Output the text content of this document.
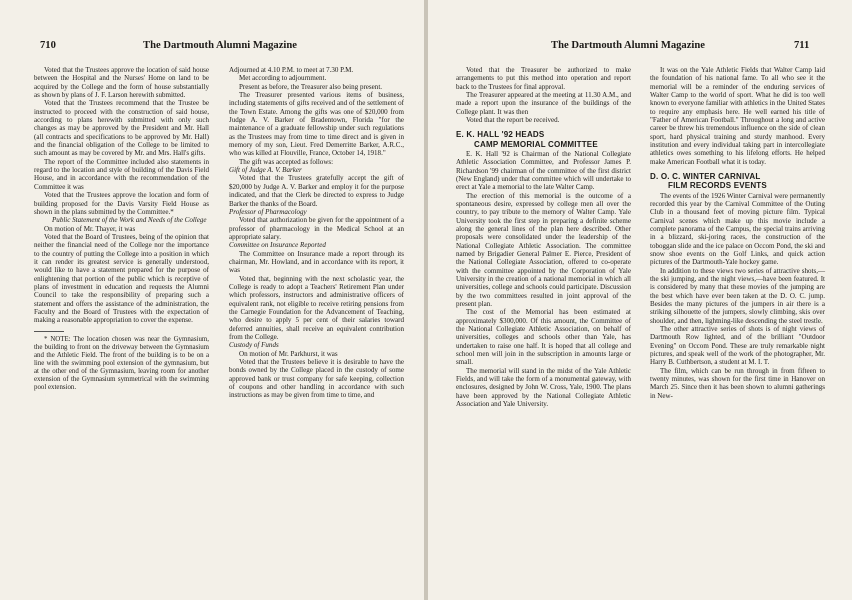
710	The Dartmouth Alumni Magazine

Voted that the Trustees approve the location of said house between the Hospital and the Nurses' Home on land to be acquired by the College and the form of house substantially as shown by plans of J. F. Larson herewith submitted.

Voted that the Trustees recommend that the Trustee be instructed to proceed with the construction of said house, according to plans herewith submitted with only such changes as may be approved by the President and Mr. Hall (all contracts and specifications to be approved by Mr. Hall) and the financial obligation of the College to be limited to such amount as may be covered by Mr. and Mrs. Hall's gifts.

The report of the Committee included also statements in regard to the location and style of building of the Davis Field House, and in accordance with the recommendation of the Committee it was

Voted that the Trustees approve the location and form of building proposed for the Davis Varsity Field House as shown in the plans submitted by the Committee.*

Public Statement of the Work and Needs of the College

On motion of Mr. Thayer, it was

Voted that the Board of Trustees, being of the opinion that neither the financial need of the College nor the importance to the country of putting the College into a position in which it can render its greatest service is generally understood, would like to have a statement prepared for the purpose of enlightening that portion of the public which is receptive of plans of investment in education and requests the Alumni Council to take the responsibility of preparing such a statement and offers the assistance of the administration, the Faculty and the Board of Trustees with the expectation of making a reasonable appropriation to cover the expense.

* NOTE: The location chosen was near the Gymnasium, the building to front on the driveway between the Gymnasium and the Athletic Field. The front of the building is to be on a line with the swimming pool extension of the gymnasium, but at the other end of the Gymnasium, leaving room for another extension of the Gymnasium symmetrical with the swimming pool extension.

Adjourned at 4.10 P.M. to meet at 7.30 P.M.

Met according to adjournment.

Present as before, the Treasurer also being present.

The Treasurer presented various items of business, including statements of gifts received and of the settlement of the Town Estate. Among the gifts was one of $20,000 from Judge A. V. Barker of Bradentown, Florida "for the maintenance of a graduate fellowship under such regulations as the Trustees may from time to time direct and is given in memory of my son, Lieut. Fred Demerritte Barker, A.R.C., who was killed at Flouville, France, October 14, 1918."

The gift was accepted as follows:

Gift of Judge A. V. Barker

Voted that the Trustees gratefully accept the gift of $20,000 by Judge A. V. Barker and employ it for the purpose indicated, and that the Clerk be directed to express to Judge Barker the thanks of the Board.

Professor of Pharmacology

Voted that authorization be given for the appointment of a professor of pharmacology in the Medical School at an appropriate salary.

Committee on Insurance Reported

The Committee on Insurance made a report through its chairman, Mr. Howland, and in accordance with its report, it was

Voted that, beginning with the next scholastic year, the College is ready to adopt a Teachers' Retirement Plan under which professors, instructors and administrative officers of equivalent rank, not eligible to receive retiring pensions from the Carnegie Foundation for the Advancement of Teaching, who desire to apply 5 per cent of their salaries toward deferred annuities, shall receive an equivalent contribution from the College.

Custody of Funds

On motion of Mr. Parkhurst, it was

Voted that the Trustees believe it is desirable to have the bonds owned by the College placed in the custody of some approved bank or trust company for safe keeping, collection of coupons and other handling in accordance with such instructions as may be given from time to time, and

The Dartmouth Alumni Magazine	711

Voted that the Treasurer be authorized to make arrangements to put this method into operation and report back to the Trustees for final approval.

The Treasurer appeared at the meeting at 11.30 A.M., and made a report upon the insurance of the buildings of the College plant. It was then

Voted that the report be received.

E. K. HALL '92 HEADS

CAMP MEMORIAL COMMITTEE

E. K. Hall '92 is Chairman of the National Collegiate Athletic Association Committee, and Professor James P. Richardson '99 chairman of the committee of the first district (New England) under that committee which will undertake to erect at Yale a memorial to the late Walter Camp.

The erection of this memorial is the outcome of a spontaneous desire, expressed by college men all over the country, to pay tribute to the memory of Walter Camp. Yale University took the first step in preparing a definite scheme along the general lines of the plan here described. Other proposals were consolidated under the leadership of the National Collegiate Athletic Association. The committee named by Brigadier General Palmer E. Pierce, President of the National Collegiate Association, offered to co-operate with the committee appointed by the Corporation of Yale University in the creation of a national memorial in which all universities, college and schools could participate. Discussion by the two committees resulted in joint approval of the present plan.

The cost of the Memorial has been estimated at approximately $300,000. Of this amount, the Committee of the National Collegiate Athletic Association, on behalf of universities, colleges and schools other than Yale, has undertaken to raise one half. It is hoped that all college and school men will join in the subscription in amounts large or small.

The memorial will stand in the midst of the Yale Athletic Fields, and will take the form of a monumental gateway, with enclosures, designed by John W. Cross, Yale, 1900. The plans have been approved by the National Collegiate Athletic Association and Yale University.

It was on the Yale Athletic Fields that Walter Camp laid the foundation of his national fame. To all who see it the memorial will be a reminder of the enduring services of Walter Camp to the world of sport. What he did is too well known to everyone familiar with athletics in the United States to require any emphasis here. He well earned his title of "Father of American Football." Throughout a long and active career be threw his tremendous influence on the side of clean sport, hard physical training and sturdy manhood. Every institution and every individual taking part in intercollegiate athletics owes something to his lifelong efforts. He helped make American Football what it is today.

D. O. C. WINTER CARNIVAL

FILM RECORDS EVENTS

The events of the 1926 Winter Carnival were permanently recorded this year by the Carnival Committee of the Outing Club in a thousand feet of moving picture film. Typical Carnival scenes which make up this movie include a complete panorama of the Campus, the special trains arriving in a blizzard, ski-joring races, the construction of the toboggan slide and the ice palace on Occom Pond, the ski and snow shoe events on the Golf Links, and quick action pictures of the Dartmouth-Yale hockey game.

In addition to these views two series of attractive shots,—the ski jumping, and the night views,—have been featured. It is considered by many that these movies of the jumping are the best which have ever been taken at the D. O. C. jump. Besides the many pictures of the jumpers in air there is a striking silhouette of the jumpers, slowly climbing, skis over shoulder, and then, lightning-like descending the steel trestle.

The other attractive series of shots is of night views of Dartmouth Row lighted, and of the brilliant "Outdoor Evening" on Occom Pond. These are truly remarkable night pictures, and speak well of the work of the photographer, Mr. Harry B. Cuthbertson, a student at M. I. T.

The film, which can be run through in from fifteen to twenty minutes, was shown for the first time in Hanover on March 25. Since then it has been shown to alumni gatherings in New-
